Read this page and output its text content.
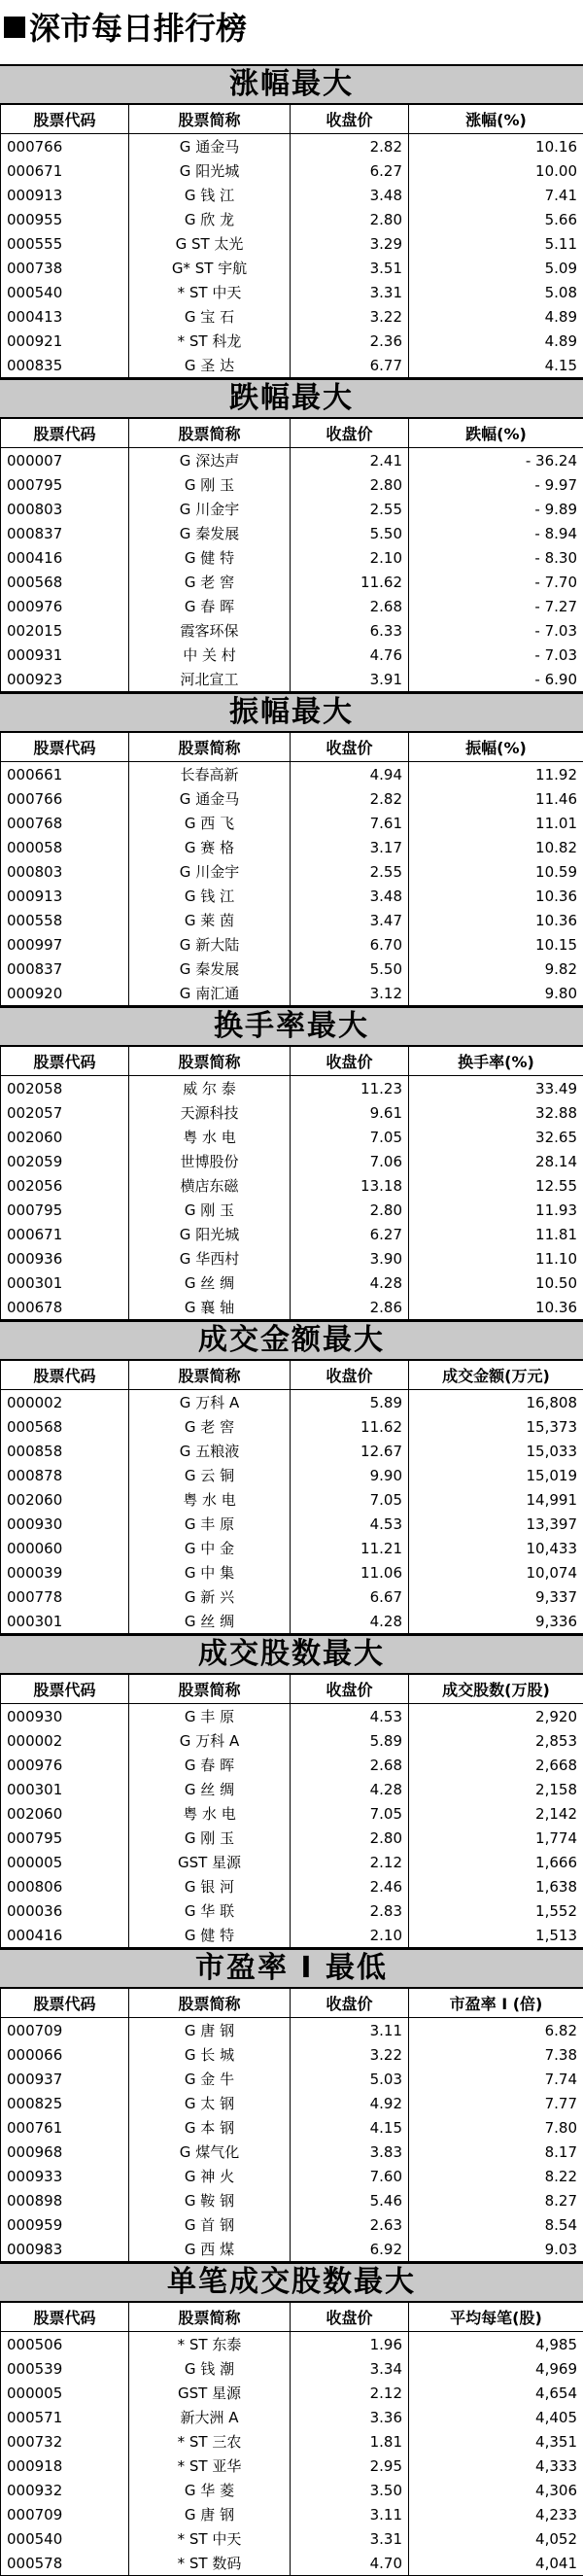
深市每日排行榜
涨幅最大
股票代码	股票简称	收盘价	涨幅(%)
000766	G 通金马	2.82	10.16
000671	G 阳光城	6.27	10.00
000913	G 钱 江	3.48	7.41
000955	G 欣 龙	2.80	5.66
000555	G ST 太光	3.29	5.11
000738	G* ST 宇航	3.51	5.09
000540	* ST 中天	3.31	5.08
000413	G 宝 石	3.22	4.89
000921	* ST 科龙	2.36	4.89
000835	G 圣 达	6.77	4.15
跌幅最大
股票代码	股票简称	收盘价	跌幅(%)
000007	G 深达声	2.41	- 36.24
000795	G 刚 玉	2.80	- 9.97
000803	G 川金宇	2.55	- 9.89
000837	G 秦发展	5.50	- 8.94
000416	G 健 特	2.10	- 8.30
000568	G 老 窖	11.62	- 7.70
000976	G 春 晖	2.68	- 7.27
002015	霞客环保	6.33	- 7.03
000931	中 关 村	4.76	- 7.03
000923	河北宣工	3.91	- 6.90
振幅最大
股票代码	股票简称	收盘价	振幅(%)
000661	长春高新	4.94	11.92
000766	G 通金马	2.82	11.46
000768	G 西 飞	7.61	11.01
000058	G 赛 格	3.17	10.82
000803	G 川金宇	2.55	10.59
000913	G 钱 江	3.48	10.36
000558	G 莱 茵	3.47	10.36
000997	G 新大陆	6.70	10.15
000837	G 秦发展	5.50	9.82
000920	G 南汇通	3.12	9.80
换手率最大
股票代码	股票简称	收盘价	换手率(%)
002058	威 尔 泰	11.23	33.49
002057	天源科技	9.61	32.88
002060	粤 水 电	7.05	32.65
002059	世博股份	7.06	28.14
002056	横店东磁	13.18	12.55
000795	G 刚 玉	2.80	11.93
000671	G 阳光城	6.27	11.81
000936	G 华西村	3.90	11.10
000301	G 丝 绸	4.28	10.50
000678	G 襄 轴	2.86	10.36
成交金额最大
股票代码	股票简称	收盘价	成交金额(万元)
000002	G 万科 A	5.89	16,808
000568	G 老 窖	11.62	15,373
000858	G 五粮液	12.67	15,033
000878	G 云 铜	9.90	15,019
002060	粤 水 电	7.05	14,991
000930	G 丰 原	4.53	13,397
000060	G 中 金	11.21	10,433
000039	G 中 集	11.06	10,074
000778	G 新 兴	6.67	9,337
000301	G 丝 绸	4.28	9,336
成交股数最大
股票代码	股票简称	收盘价	成交股数(万股)
000930	G 丰 原	4.53	2,920
000002	G 万科 A	5.89	2,853
000976	G 春 晖	2.68	2,668
000301	G 丝 绸	4.28	2,158
002060	粤 水 电	7.05	2,142
000795	G 刚 玉	2.80	1,774
000005	GST 星源	2.12	1,666
000806	G 银 河	2.46	1,638
000036	G 华 联	2.83	1,552
000416	G 健 特	2.10	1,513
市盈率 I 最低
股票代码	股票简称	收盘价	市盈率 I (倍)
000709	G 唐 钢	3.11	6.82
000066	G 长 城	3.22	7.38
000937	G 金 牛	5.03	7.74
000825	G 太 钢	4.92	7.77
000761	G 本 钢	4.15	7.80
000968	G 煤气化	3.83	8.17
000933	G 神 火	7.60	8.22
000898	G 鞍 钢	5.46	8.27
000959	G 首 钢	2.63	8.54
000983	G 西 煤	6.92	9.03
单笔成交股数最大
股票代码	股票简称	收盘价	平均每笔(股)
000506	* ST 东泰	1.96	4,985
000539	G 钱 潮	3.34	4,969
000005	GST 星源	2.12	4,654
000571	新大洲 A	3.36	4,405
000732	* ST 三农	1.81	4,351
000918	* ST 亚华	2.95	4,333
000932	G 华 菱	3.50	4,306
000709	G 唐 钢	3.11	4,233
000540	* ST 中天	3.31	4,052
000578	* ST 数码	4.70	4,041
